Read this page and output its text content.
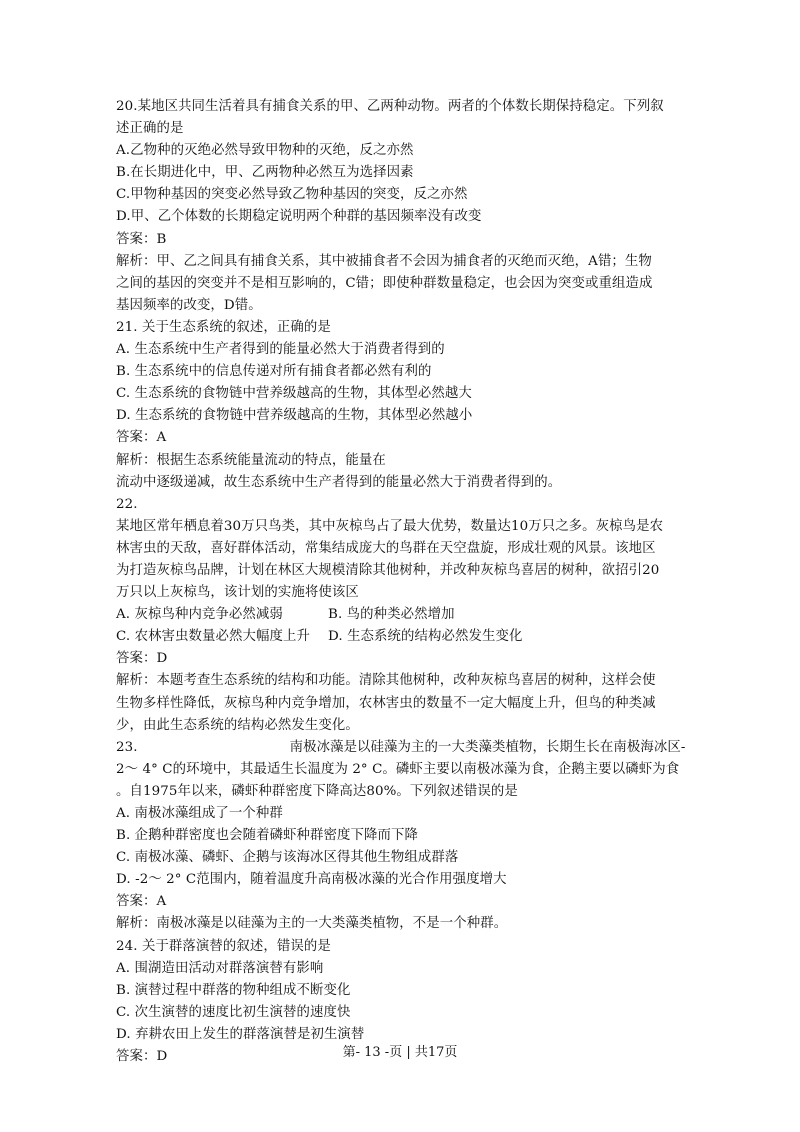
20.某地区共同生活着具有捕食关系的甲、乙两种动物。两者的个体数长期保持稳定。下列叙
述正确的是
A.乙物种的灭绝必然导致甲物种的灭绝，反之亦然
B.在长期进化中，甲、乙两物种必然互为选择因素
C.甲物种基因的突变必然导致乙物种基因的突变，反之亦然
D.甲、乙个体数的长期稳定说明两个种群的基因频率没有改变
答案：B
解析：甲、乙之间具有捕食关系，其中被捕食者不会因为捕食者的灭绝而灭绝，A错；生物
之间的基因的突变并不是相互影响的，C错；即使种群数量稳定，也会因为突变或重组造成
基因频率的改变，D错。
21. 关于生态系统的叙述，正确的是
A. 生态系统中生产者得到的能量必然大于消费者得到的
B. 生态系统中的信息传递对所有捕食者都必然有利的
C. 生态系统的食物链中营养级越高的生物，其体型必然越大
D. 生态系统的食物链中营养级越高的生物，其体型必然越小
答案：A
解析：根据生态系统能量流动的特点，能量在
流动中逐级递减，故生态系统中生产者得到的能量必然大于消费者得到的。
22.
某地区常年栖息着30万只鸟类，其中灰椋鸟占了最大优势，数量达10万只之多。灰椋鸟是农
林害虫的天敌，喜好群体活动，常集结成庞大的鸟群在天空盘旋，形成壮观的风景。该地区
为打造灰椋鸟品牌，计划在林区大规模清除其他树种，并改种灰椋鸟喜居的树种，欲招引20
万只以上灰椋鸟，该计划的实施将使该区
A. 灰椋鸟种内竞争必然减弱	B. 鸟的种类必然增加
C. 农林害虫数量必然大幅度上升 D. 生态系统的结构必然发生变化
答案：D
解析：本题考查生态系统的结构和功能。清除其他树种，改种灰椋鸟喜居的树种，这样会使
生物多样性降低，灰椋鸟种内竞争增加，农林害虫的数量不一定大幅度上升，但鸟的种类减
少，由此生态系统的结构必然发生变化。
23.	南极冰藻是以硅藻为主的一大类藻类植物，长期生长在南极海冰区-
2～ 4° C的环境中，其最适生长温度为 2° C。磷虾主要以南极冰藻为食，企鹅主要以磷虾为食
。自1975年以来，磷虾种群密度下降高达80%。下列叙述错误的是
A. 南极冰藻组成了一个种群
B. 企鹅种群密度也会随着磷虾种群密度下降而下降
C. 南极冰藻、磷虾、企鹅与该海冰区得其他生物组成群落
D. -2～ 2° C范围内，随着温度升高南极冰藻的光合作用强度增大
答案：A
解析：南极冰藻是以硅藻为主的一大类藻类植物，不是一个种群。
24. 关于群落演替的叙述，错误的是
A. 围湖造田活动对群落演替有影响
B. 演替过程中群落的物种组成不断变化
C. 次生演替的速度比初生演替的速度快
D. 弃耕农田上发生的群落演替是初生演替
答案：D	第- 13 -页 | 共17页
